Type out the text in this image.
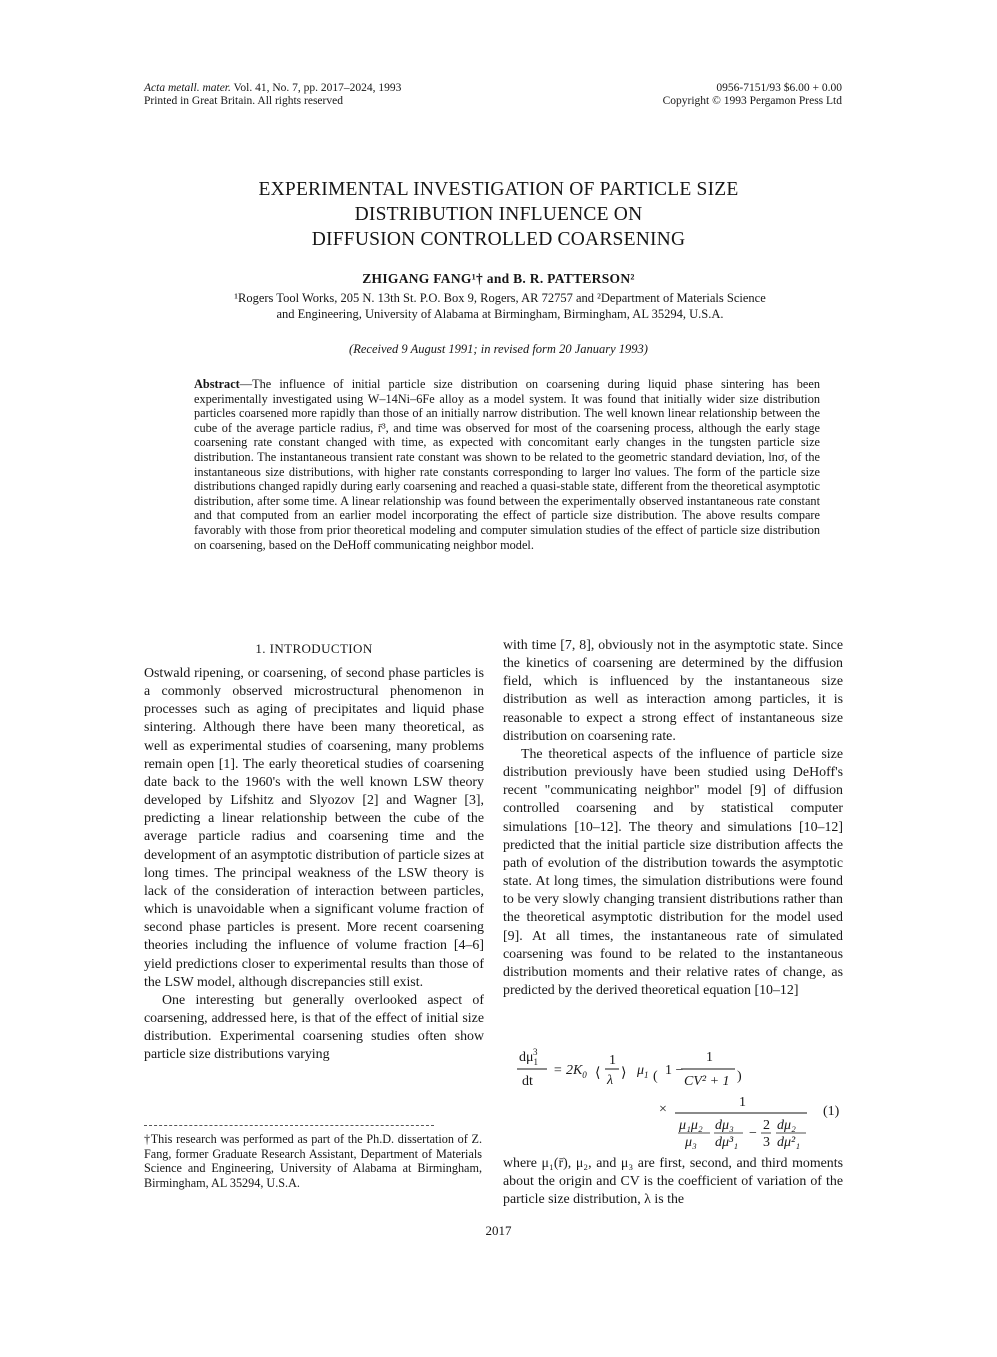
Acta metall. mater. Vol. 41, No. 7, pp. 2017–2024, 1993
Printed in Great Britain. All rights reserved
0956-7151/93 $6.00 + 0.00
Copyright © 1993 Pergamon Press Ltd
EXPERIMENTAL INVESTIGATION OF PARTICLE SIZE
DISTRIBUTION INFLUENCE ON
DIFFUSION CONTROLLED COARSENING
ZHIGANG FANG¹† and B. R. PATTERSON²
¹Rogers Tool Works, 205 N. 13th St. P.O. Box 9, Rogers, AR 72757 and ²Department of Materials Science
and Engineering, University of Alabama at Birmingham, Birmingham, AL 35294, U.S.A.
(Received 9 August 1991; in revised form 20 January 1993)
Abstract—The influence of initial particle size distribution on coarsening during liquid phase sintering has been experimentally investigated using W–14Ni–6Fe alloy as a model system. It was found that initially wider size distribution particles coarsened more rapidly than those of an initially narrow distribution. The well known linear relationship between the cube of the average particle radius, r̄³, and time was observed for most of the coarsening process, although the early stage coarsening rate constant changed with time, as expected with concomitant early changes in the tungsten particle size distribution. The instantaneous transient rate constant was shown to be related to the geometric standard deviation, lnσ, of the instantaneous size distributions, with higher rate constants corresponding to larger lnσ values. The form of the particle size distributions changed rapidly during early coarsening and reached a quasi-stable state, different from the theoretical asymptotic distribution, after some time. A linear relationship was found between the experimentally observed instantaneous rate constant and that computed from an earlier model incorporating the effect of particle size distribution. The above results compare favorably with those from prior theoretical modeling and computer simulation studies of the effect of particle size distribution on coarsening, based on the DeHoff communicating neighbor model.
1. INTRODUCTION

Ostwald ripening, or coarsening, of second phase particles is a commonly observed microstructural phenomenon in processes such as aging of precipitates and liquid phase sintering. Although there have been many theoretical, as well as experimental studies of coarsening, many problems remain open [1]. The early theoretical studies of coarsening date back to the 1960's with the well known LSW theory developed by Lifshitz and Slyozov [2] and Wagner [3], predicting a linear relationship between the cube of the average particle radius and coarsening time and the development of an asymptotic distribution of particle sizes at long times. The principal weakness of the LSW theory is lack of the consideration of interaction between particles, which is unavoidable when a significant volume fraction of second phase particles is present. More recent coarsening theories including the influence of volume fraction [4–6] yield predictions closer to experimental results than those of the LSW model, although discrepancies still exist.

One interesting but generally overlooked aspect of coarsening, addressed here, is that of the effect of initial size distribution. Experimental coarsening studies often show particle size distributions varying

†This research was performed as part of the Ph.D. dissertation of Z. Fang, former Graduate Research Assistant, Department of Materials Science and Engineering, University of Alabama at Birmingham, Birmingham, AL 35294, U.S.A.

with time [7, 8], obviously not in the asymptotic state. Since the kinetics of coarsening are determined by the diffusion field, which is influenced by the instantaneous size distribution as well as interaction among particles, it is reasonable to expect a strong effect of instantaneous size distribution on coarsening rate.

The theoretical aspects of the influence of particle size distribution previously have been studied using DeHoff's recent "communicating neighbor" model [9] of diffusion controlled coarsening and by statistical computer simulations [10–12]. The theory and simulations [10–12] predicted that the initial particle size distribution affects the path of evolution of the distribution towards the asymptotic state. At long times, the simulation distributions were found to be very slowly changing transient distributions rather than the theoretical asymptotic distribution for the model used [9]. At all times, the instantaneous rate of simulated coarsening was found to be related to the instantaneous distribution moments and their relative rates of change, as predicted by the derived theoretical equation [10–12]

$d\mu_13$
dt
= $2K_0$ ⟨
1
λ ⟩ $\mu_1$ ( 1 −
1
CV² + 1 )
×	1
μ₁μ₂
μ₃
dμ₃
dμ³₁
−
2
3
dμ₂
dμ²₁
(1)

where μ₁(r̄), μ₂, and μ₃ are first, second, and third moments about the origin and CV is the coefficient of variation of the particle size distribution, λ is the

2017
